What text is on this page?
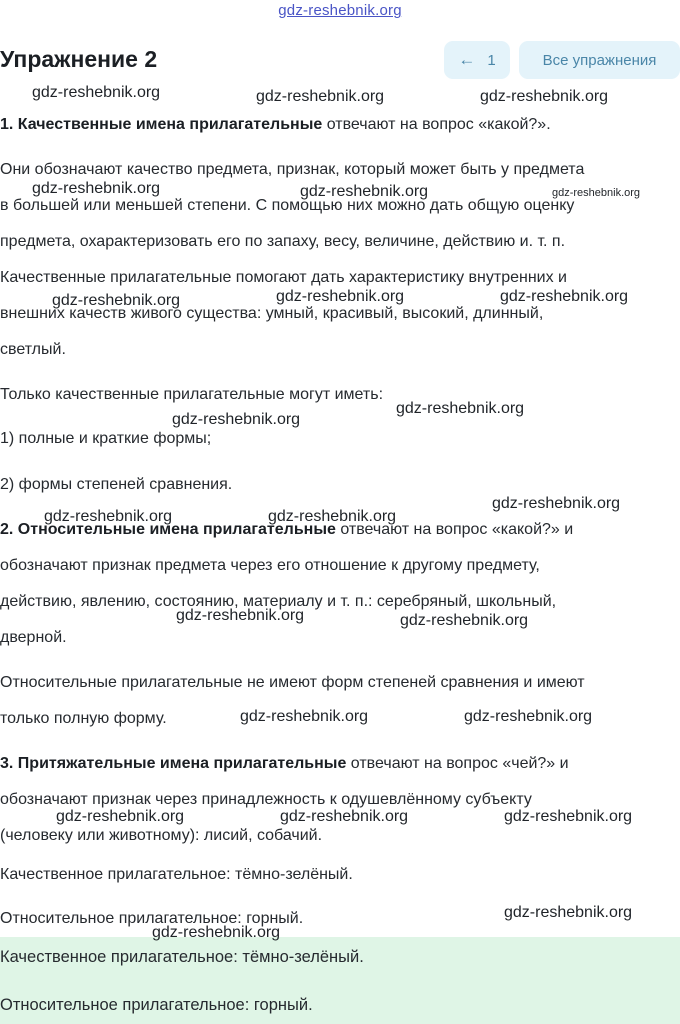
gdz-reshebnik.org
Упражнение 2	← 1	Все упражнения
1. Качественные имена прилагательные отвечают на вопрос «какой?».
Они обозначают качество предмета, признак, который может быть у предмета
в большей или меньшей степени. С помощью них можно дать общую оценку
предмета, охарактеризовать его по запаху, весу, величине, действию и. т. п.
Качественные прилагательные помогают дать характеристику внутренних и
внешних качеств живого существа: умный, красивый, высокий, длинный,
светлый.
Только качественные прилагательные могут иметь:
1) полные и краткие формы;
2) формы степеней сравнения.
2. Относительные имена прилагательные отвечают на вопрос «какой?» и
обозначают признак предмета через его отношение к другому предмету,
действию, явлению, состоянию, материалу и т. п.: серебряный, школьный,
дверной.
Относительные прилагательные не имеют форм степеней сравнения и имеют
только полную форму.
3. Притяжательные имена прилагательные отвечают на вопрос «чей?» и
обозначают признак через принадлежность к одушевлённому субъекту
(человеку или животному): лисий, собачий.
Качественное прилагательное: тёмно-зелёный.
Относительное прилагательное: горный.
Качественное прилагательное: тёмно-зелёный.
Относительное прилагательное: горный.
gdz-reshebnik.org	gdz-reshebnik.org	gdz-reshebnik.org
gdz-reshebnik.org	gdz-reshebnik.org	gdz-reshebnik.org
gdz-reshebnik.org	gdz-reshebnik.org	gdz-reshebnik.org
gdz-reshebnik.org
gdz-reshebnik.org
gdz-reshebnik.org
gdz-reshebnik.org	gdz-reshebnik.org
gdz-reshebnik.org	gdz-reshebnik.org
gdz-reshebnik.org	gdz-reshebnik.org
gdz-reshebnik.org	gdz-reshebnik.org	gdz-reshebnik.org
gdz-reshebnik.org
gdz-reshebnik.org
